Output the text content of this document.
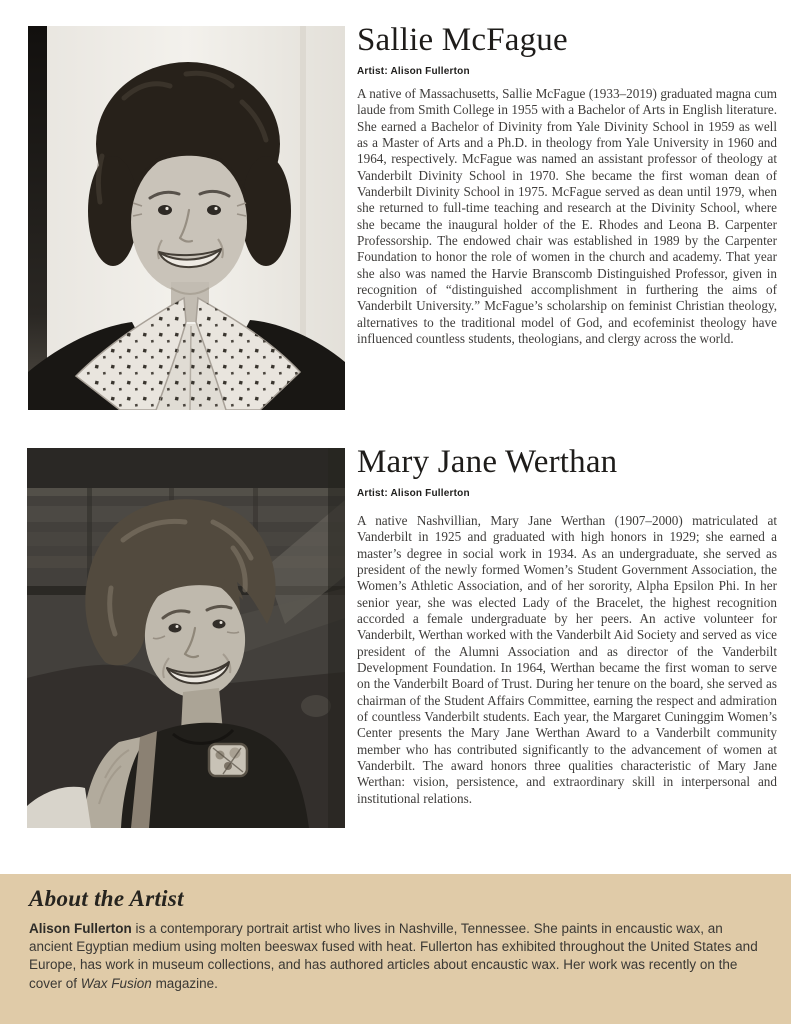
Sallie McFague
Artist: Alison Fullerton

A native of Massachusetts, Sallie McFague (1933–2019) graduated magna cum laude from Smith College in 1955 with a Bachelor of Arts in English literature. She earned a Bachelor of Divinity from Yale Divinity School in 1959 as well as a Master of Arts and a Ph.D. in theology from Yale University in 1960 and 1964, respectively. McFague was named an assistant professor of theology at Vanderbilt Divinity School in 1970. She became the first woman dean of Vanderbilt Divinity School in 1975. McFague served as dean until 1979, when she returned to full-time teaching and research at the Divinity School, where she became the inaugural holder of the E. Rhodes and Leona B. Carpenter Professorship. The endowed chair was established in 1989 by the Carpenter Foundation to honor the role of women in the church and academy. That year she also was named the Harvie Branscomb Distinguished Professor, given in recognition of “distinguished accomplishment in furthering the aims of Vanderbilt University.” McFague’s scholarship on feminist Christian theology, alternatives to the traditional model of God, and ecofeminist theology have influenced countless students, theologians, and clergy across the world.

Mary Jane Werthan
Artist: Alison Fullerton

A native Nashvillian, Mary Jane Werthan (1907–2000) matriculated at Vanderbilt in 1925 and graduated with high honors in 1929; she earned a master’s degree in social work in 1934. As an undergraduate, she served as president of the newly formed Women’s Student Government Association, the Women’s Athletic Association, and of her sorority, Alpha Epsilon Phi. In her senior year, she was elected Lady of the Bracelet, the highest recognition accorded a female undergraduate by her peers. An active volunteer for Vanderbilt, Werthan worked with the Vanderbilt Aid Society and served as vice president of the Alumni Association and as director of the Vanderbilt Development Foundation. In 1964, Werthan became the first woman to serve on the Vanderbilt Board of Trust. During her tenure on the board, she served as chairman of the Student Affairs Committee, earning the respect and admiration of countless Vanderbilt students. Each year, the Margaret Cuninggim Women’s Center presents the Mary Jane Werthan Award to a Vanderbilt community member who has contributed significantly to the advancement of women at Vanderbilt. The award honors three qualities characteristic of Mary Jane Werthan: vision, persistence, and extraordinary skill in interpersonal and institutional relations.

About the Artist

Alison Fullerton is a contemporary portrait artist who lives in Nashville, Tennessee. She paints in encaustic wax, an ancient Egyptian medium using molten beeswax fused with heat. Fullerton has exhibited throughout the United States and Europe, has work in museum collections, and has authored articles about encaustic wax. Her work was recently on the cover of Wax Fusion magazine.
